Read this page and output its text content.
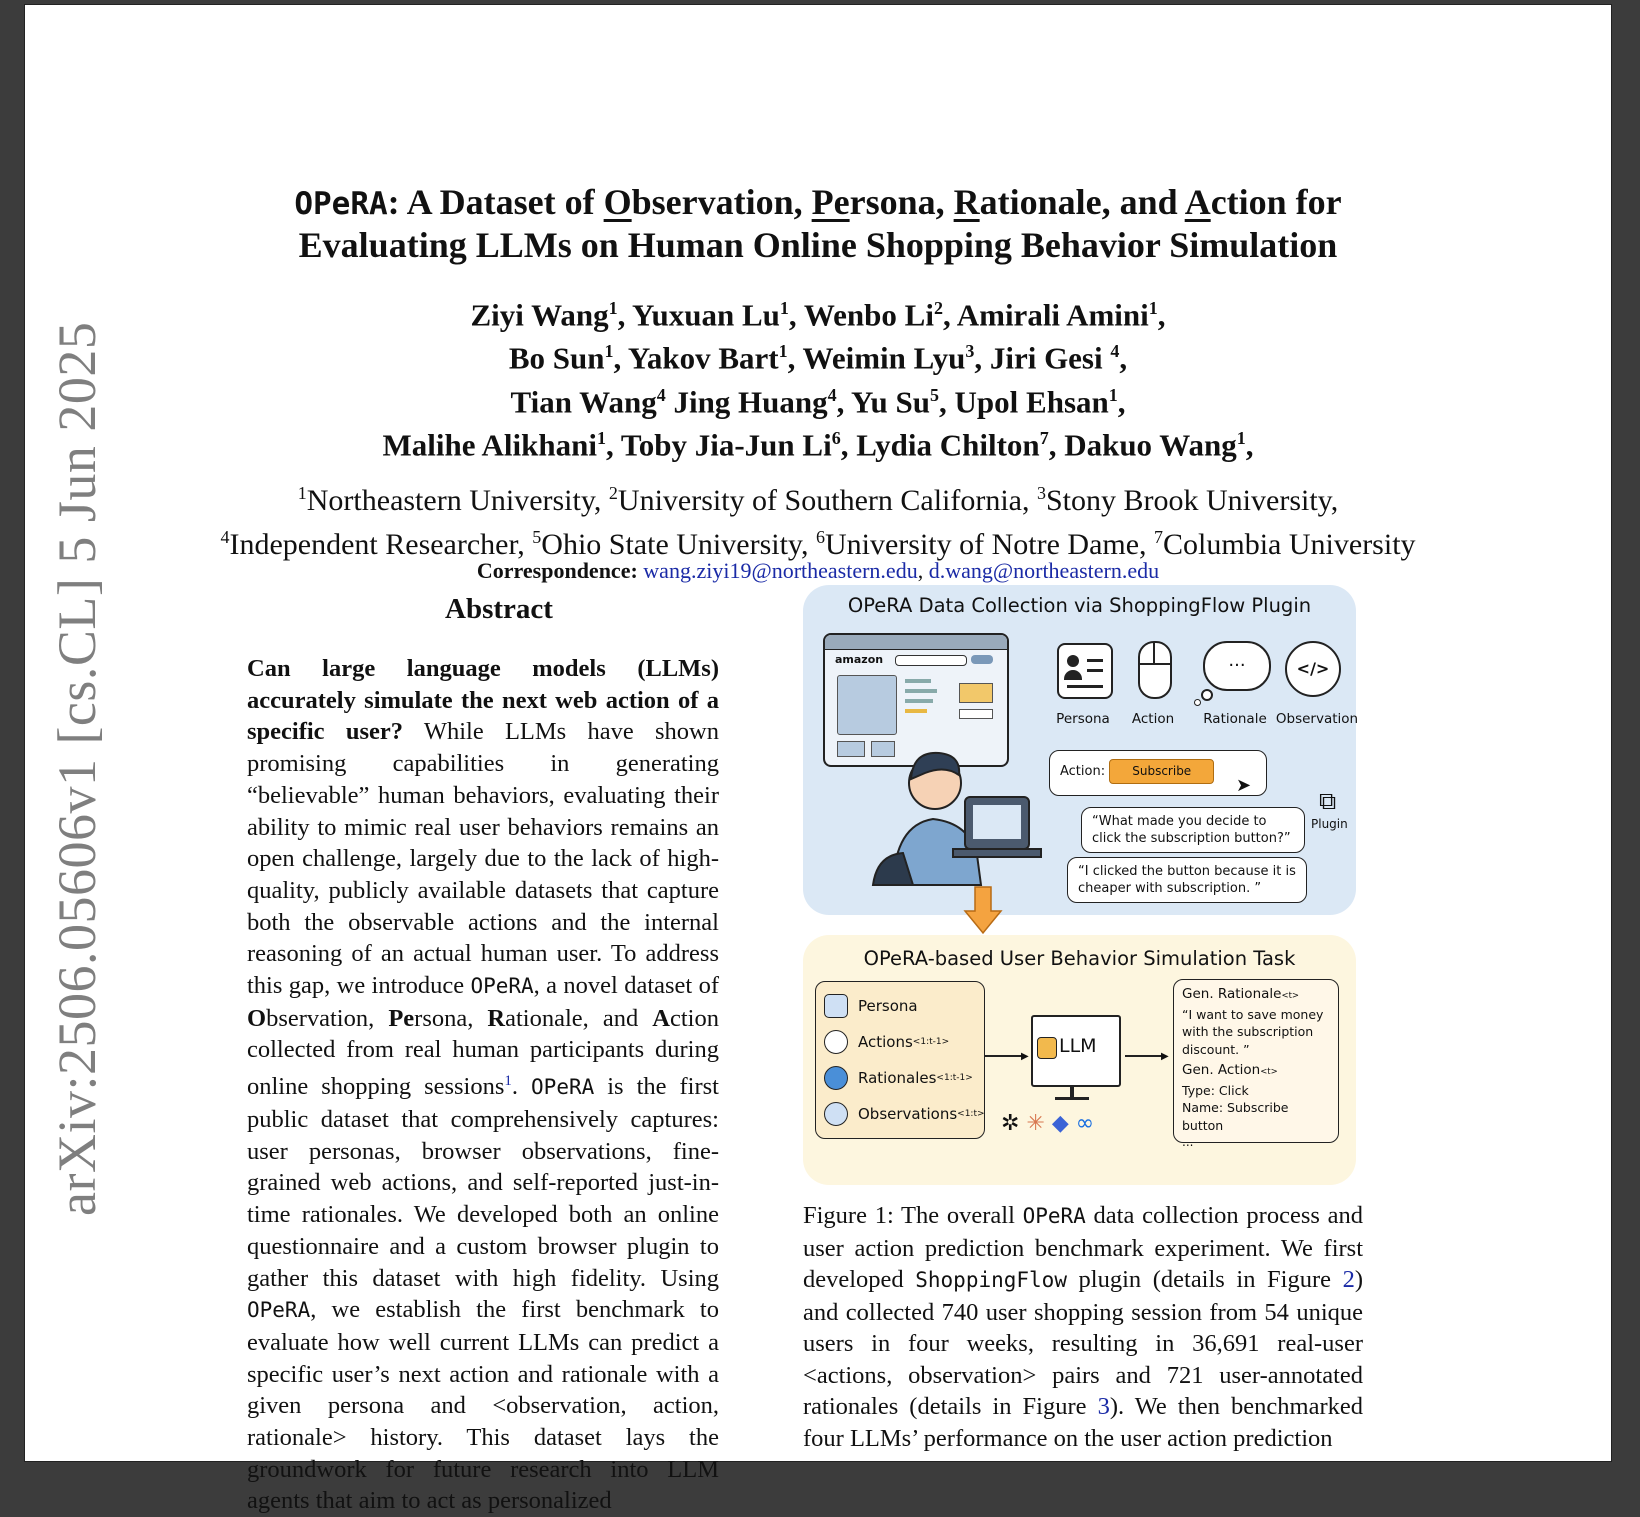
arXiv:2506.05606v1 [cs.CL] 5 Jun 2025
OPeRA: A Dataset of Observation, Persona, Rationale, and Action for
Evaluating LLMs on Human Online Shopping Behavior Simulation
Ziyi Wang$^1$, Yuxuan Lu$^1$, Wenbo Li$^2$, Amirali Amini$^1$,
Bo Sun$^1$, Yakov Bart$^1$, Weimin Lyu$^3$, Jiri Gesi $^4$,
Tian Wang$^4$ Jing Huang$^4$, Yu Su$^5$, Upol Ehsan$^1$,
Malihe Alikhani$^1$, Toby Jia-Jun Li$^6$, Lydia Chilton$^7$, Dakuo Wang$^1$,
$^1$Northeastern University, $^2$University of Southern California, $^3$Stony Brook University,
$^4$Independent Researcher, $^5$Ohio State University, $^6$University of Notre Dame, $^7$Columbia University
Correspondence: wang.ziyi19@northeastern.edu, d.wang@northeastern.edu
Abstract
Can large language models (LLMs) accurately simulate the next web action of a specific user? While LLMs have shown promising capabilities in generating “believable” human behaviors, evaluating their ability to mimic real user behaviors remains an open challenge, largely due to the lack of high-quality, publicly available datasets that capture both the observable actions and the internal reasoning of an actual human user. To address this gap, we introduce OPeRA, a novel dataset of Observation, Persona, Rationale, and Action collected from real human participants during online shopping sessions$^1$. OPeRA is the first public dataset that comprehensively captures: user personas, browser observations, fine-grained web actions, and self-reported just-in-time rationales. We developed both an online questionnaire and a custom browser plugin to gather this dataset with high fidelity. Using OPeRA, we establish the first benchmark to evaluate how well current LLMs can predict a specific user’s next action and rationale with a given persona and <observation, action, rationale> history. This dataset lays the groundwork for future research into LLM agents that aim to act as personalized
OPeRA Data Collection via ShoppingFlow Plugin
amazon	...	</>
Persona	Action	Rationale Observation
Action: Subscribe
➤
“What made you decide to click the subscription button?”
⧉
Plugin
“I clicked the button because it is cheaper with subscription. ”
OPeRA-based User Behavior Simulation Task
Persona
Actions <1:t-1>
Rationales <1:t-1>
Observations <1:t>
▶ LLM
✲ ✳ ◆ ∞
▶
Gen. Rationale<t>
“I want to save money with the subscription discount. ”
Gen. Action<t>
Type: Click
Name: Subscribe button
...
Figure 1: The overall OPeRA data collection process and user action prediction benchmark experiment. We first developed ShoppingFlow plugin (details in Figure 2) and collected 740 user shopping session from 54 unique users in four weeks, resulting in 36,691 real-user <actions, observation> pairs and 721 user-annotated rationales (details in Figure 3). We then benchmarked four LLMs’ performance on the user action prediction
